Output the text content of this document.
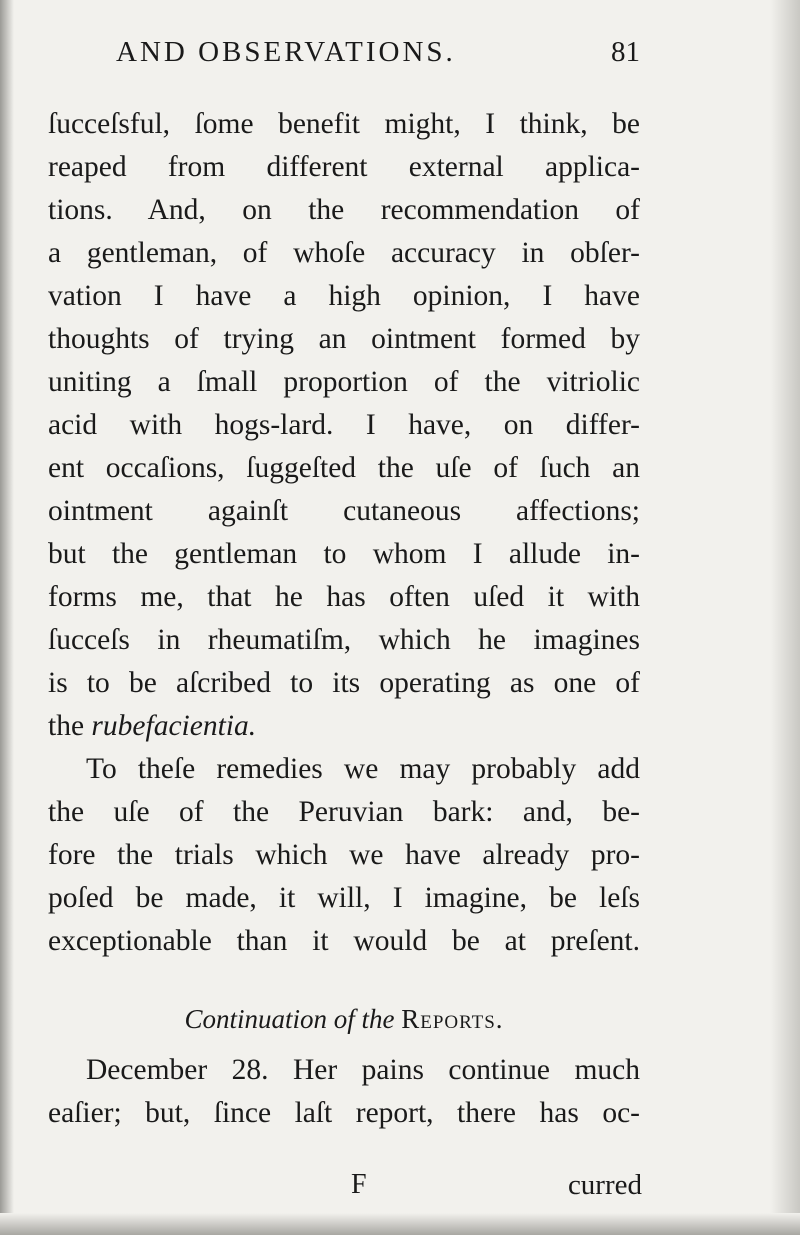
AND OBSERVATIONS.	81
ſucceſsful, ſome benefit might, I think, be
reaped from different external applica-
tions. And, on the recommendation of
a gentleman, of whoſe accuracy in obſer-
vation I have a high opinion, I have
thoughts of trying an ointment formed by
uniting a ſmall proportion of the vitriolic
acid with hogs-lard. I have, on differ-
ent occaſions, ſuggeſted the uſe of ſuch an
ointment againſt cutaneous affections;
but the gentleman to whom I allude in-
forms me, that he has often uſed it with
ſucceſs in rheumatiſm, which he imagines
is to be aſcribed to its operating as one of
the rubefacientia.
To theſe remedies we may probably add
the uſe of the Peruvian bark: and, be-
fore the trials which we have already pro-
poſed be made, it will, I imagine, be leſs
exceptionable than it would be at preſent.
Continuation of the Reports.
December 28. Her pains continue much
eaſier; but, ſince laſt report, there has oc-
F	curred
